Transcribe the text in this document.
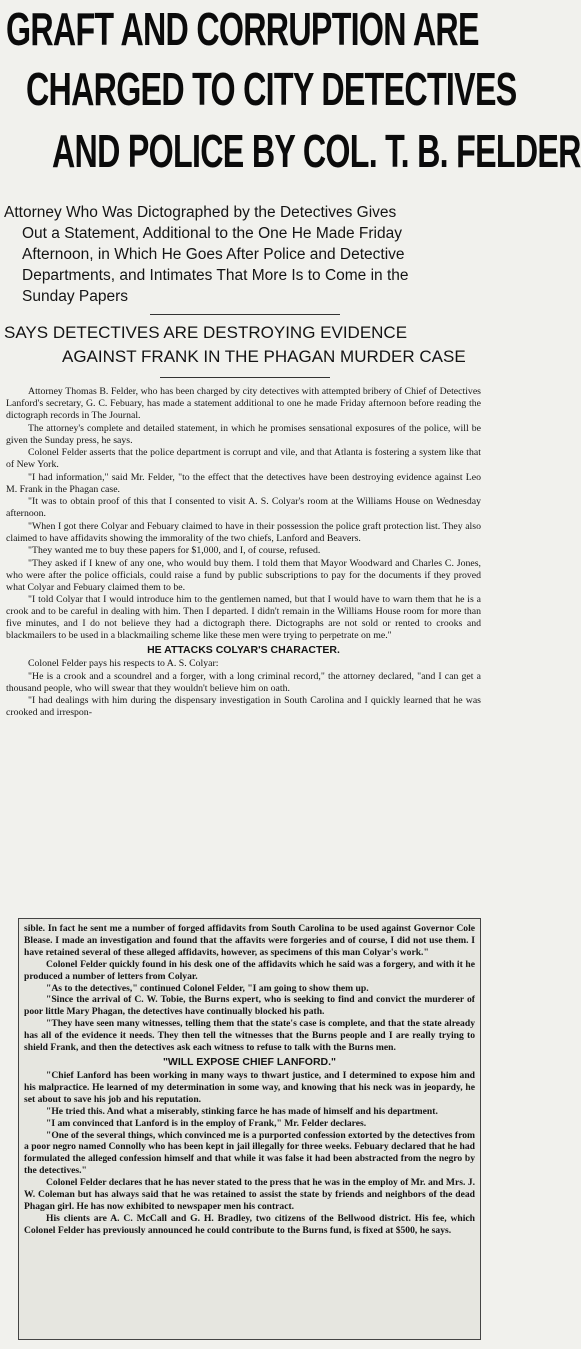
GRAFT AND CORRUPTION ARE
CHARGED TO CITY DETECTIVES
AND POLICE BY COL. T. B. FELDER
Attorney Who Was Dictographed by the Detectives Gives
Out a Statement, Additional to the One He Made Friday
Afternoon, in Which He Goes After Police and Detective
Departments, and Intimates That More Is to Come in the
Sunday Papers
SAYS DETECTIVES ARE DESTROYING EVIDENCE
AGAINST FRANK IN THE PHAGAN MURDER CASE

Attorney Thomas B. Felder, who has been charged by city detectives with attempted bribery of Chief of Detectives Lanford's secretary, G. C. Febuary, has made a statement additional to one he made Friday afternoon before reading the dictograph records in The Journal.

The attorney's complete and detailed statement, in which he promises sensational exposures of the police, will be given the Sunday press, he says.

Colonel Felder asserts that the police department is corrupt and vile, and that Atlanta is fostering a system like that of New York.

"I had information," said Mr. Felder, "to the effect that the detectives have been destroying evidence against Leo M. Frank in the Phagan case.

"It was to obtain proof of this that I consented to visit A. S. Colyar's room at the Williams House on Wednesday afternoon.

"When I got there Colyar and Febuary claimed to have in their possession the police graft protection list. They also claimed to have affidavits showing the immorality of the two chiefs, Lanford and Beavers.

"They wanted me to buy these papers for $1,000, and I, of course, refused.

"They asked if I knew of any one, who would buy them. I told them that Mayor Woodward and Charles C. Jones, who were after the police officials, could raise a fund by public subscriptions to pay for the documents if they proved what Colyar and Febuary claimed them to be.

"I told Colyar that I would introduce him to the gentlemen named, but that I would have to warn them that he is a crook and to be careful in dealing with him. Then I departed. I didn't remain in the Williams House room for more than five minutes, and I do not believe they had a dictograph there. Dictographs are not sold or rented to crooks and blackmailers to be used in a blackmailing scheme like these men were trying to perpetrate on me."

HE ATTACKS COLYAR'S CHARACTER.

Colonel Felder pays his respects to A. S. Colyar:

"He is a crook and a scoundrel and a forger, with a long criminal record," the attorney declared, "and I can get a thousand people, who will swear that they wouldn't believe him on oath.

"I had dealings with him during the dispensary investigation in South Carolina and I quickly learned that he was crooked and irrespon-

sible. In fact he sent me a number of forged affidavits from South Carolina to be used against Governor Cole Blease. I made an investigation and found that the affavits were forgeries and of course, I did not use them. I have retained several of these alleged affidavits, however, as specimens of this man Colyar's work."

Colonel Felder quickly found in his desk one of the affidavits which he said was a forgery, and with it he produced a number of letters from Colyar.

"As to the detectives," continued Colonel Felder, "I am going to show them up.

"Since the arrival of C. W. Tobie, the Burns expert, who is seeking to find and convict the murderer of poor little Mary Phagan, the detectives have continually blocked his path.

"They have seen many witnesses, telling them that the state's case is complete, and that the state already has all of the evidence it needs. They then tell the witnesses that the Burns people and I are really trying to shield Frank, and then the detectives ask each witness to refuse to talk with the Burns men.

"WILL EXPOSE CHIEF LANFORD."

"Chief Lanford has been working in many ways to thwart justice, and I determined to expose him and his malpractice. He learned of my determination in some way, and knowing that his neck was in jeopardy, he set about to save his job and his reputation.

"He tried this. And what a miserably, stinking farce he has made of himself and his department.

"I am convinced that Lanford is in the employ of Frank," Mr. Felder declares.

"One of the several things, which convinced me is a purported confession extorted by the detectives from a poor negro named Connolly who has been kept in jail illegally for three weeks. Febuary declared that he had formulated the alleged confession himself and that while it was false it had been abstracted from the negro by the detectives."

Colonel Felder declares that he has never stated to the press that he was in the employ of Mr. and Mrs. J. W. Coleman but has always said that he was retained to assist the state by friends and neighbors of the dead Phagan girl. He has now exhibited to newspaper men his contract.

His clients are A. C. McCall and G. H. Bradley, two citizens of the Bellwood district. His fee, which Colonel Felder has previously announced he could contribute to the Burns fund, is fixed at $500, he says.
